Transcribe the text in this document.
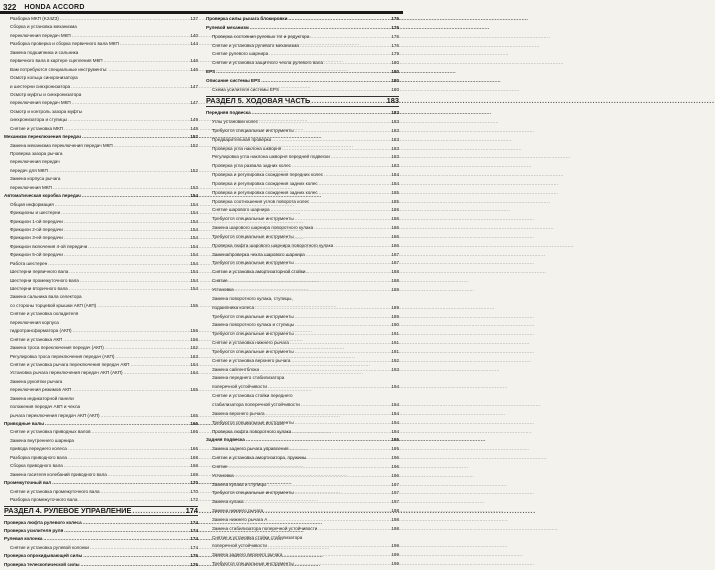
322 HONDA ACCORD
Разборка МКП (K24Z3) .....	137
Сборка и установка механизма
переключения передач МКП .....	140
Разборка проверка и сборка первичного вала МКП .....	144
Замена подшипника и сальника
первичного вала в картере сцепления МКП .....	146
Вам потребуются специальные инструменты: .....	146
Осмотр кольца синхронизатора
и шестерни синхронизатора .....	147
Осмотр муфты и синхронизатора
переключения передач МКП .....	147
Осмотр и контроль зазора муфты
синхронизатора и ступицы .....	149
Снятие и установка МКП .....	149
Механизм переключения передач .....	152
Замена механизма переключения передач МКП .....	152
Проверка зазора рычага
переключения передач
передач для МКП .....	152
Замена корпуса рычага
переключения МКП .....	153
Автоматическая коробка передач .....	154
Общая информация .....	154
Фрикционы и шестерни .....	154
Фрикцион 1-ой передачи .....	154
Фрикцион 2-ой передачи .....	154
Фрикцион 3-ей передачи .....	154
Фрикцион включения 4-ой передачи .....	154
Фрикцион 5-ой передачи .....	154
Работа шестерен .....	154
Шестерни первичного вала .....	154
Шестерни промежуточного вала .....	154
Шестерни вторичного вала .....	154
Замена сальника вала селектора
со стороны торцевой крышки АКП (АКП) .....	155
Снятие и установка охладителя
переключения корпуса
гидротрансформатора (АКП) .....	156
Снятие и установка АКП .....	156
Замена троса переключения передач (АКП) .....	162
Регулировка троса переключения передач (АКП) .....	163
Снятие и установка рычага переключения передач АКП .....	164
Установка рычага переключения передач АКП (АКП) .....	164
Замена рукоятки рычага
переключения режимов АКП .....	165
Замена индикаторной панели
положения передач АКП и чехла
рычага переключения передач АКП (АКП) .....	165
Приводные валы .....	166
Снятие и установка приводных валов .....	166
Замена внутреннего шарнира
привода переднего колеса .....	166
Разборка приводного вала .....	168
Сборка приводного вала .....	168
Замена гасителя колебаний приводного вала .....	169
Промежуточный вал .....	170
Снятие и установка промежуточного вала .....	170
Разборка промежуточного вала .....	172
РАЗДЕЛ 4. РУЛЕВОЕ УПРАВЛЕНИЕ .....	174
Проверка люфта рулевого колеса .....	174
Проверка усилителя руля .....	174
Рулевая колонка .....	174
Снятие и установка рулевой колонки .....	174
Проверка опрокидывающей силы .....	176
Проверка телескопической силы .....	176
Проверка силы рычага блокировки .....	176
Рулевой механизм .....	176
Проверка состояния рулевых тяг и редуктора .....	176
Снятие и установка рулевого механизма .....	176
Снятие рулевого шарнира .....	179
Снятие и установка защитного чехла рулевого вала .....	180
EPS .....	180
Описание системы EPS .....	180
Схема усилителя системы ЕРS .....	180
РАЗДЕЛ 5. ХОДОВАЯ ЧАСТЬ .....	183
Передняя подвеска .....	183
Углы установки колес .....	183
Требуются специальные инструменты .....	183
Предварительная проверка .....	183
Проверка угла наклона шкворня .....	183
Регулировка угла наклона шкворня передней подвески .....	183
Проверка угла развала задних колес .....	183
Проверка и регулировка схождения передних колес .....	184
Проверка и регулировка схождения задних колес .....	184
Проверка и регулировка схождения задних колес .....	185
Проверка соотношения углов поворота колес .....	185
Снятие шарового шарнира .....	186
Требуются специальные инструменты .....	186
Замена шарового шарнира поворотного кулака .....	186
Требуются специальные инструменты .....	186
Проверка люфта шарового шарнира поворотного кулака .....	186
Замена/проверка чехла шарового шарнира .....	187
Требуются специальные инструменты .....	187
Снятие и установка амортизаторной стойки .....	188
Снятие .....	188
Установка .....	189
Замена поворотного кулака, ступицы,
подшипника колеса .....	189
Требуются специальные инструменты .....	189
Замена поворотного кулака и ступицы .....	190
Требуются специальные инструменты .....	191
Снятие и установка нижнего рычага .....	191
Требуются специальные инструменты .....	191
Снятие и установка верхнего рычага .....	192
Замена сайлентблока .....	193
Замена переднего стабилизатора
поперечной устойчивости .....	194
Снятие и установка стойки переднего
стабилизатора поперечной устойчивости .....	194
Замена верхнего рычага .....	194
Требуются специальные инструменты .....	194
Проверка люфта поворотного кулака .....	194
Задняя подвеска .....	195
Замена заднего рычага управления .....	195
Снятие и установка амортизатора, пружины .....	196
Снятие .....	196
Установка .....	196
Замена кулака и ступицы .....	197
Требуются специальные инструменты .....	197
Замена кулака .....	197
Замена нижнего рычага .....	198
Замена нижнего рычага А .....	198
Замена стабилизатора поперечной устойчивости .....	198
Снятие и установка стойки стабилизатора
поперечной устойчивости .....	199
Замена заднего верхнего рычага .....	199
Требуются специальные инструменты .....	199
